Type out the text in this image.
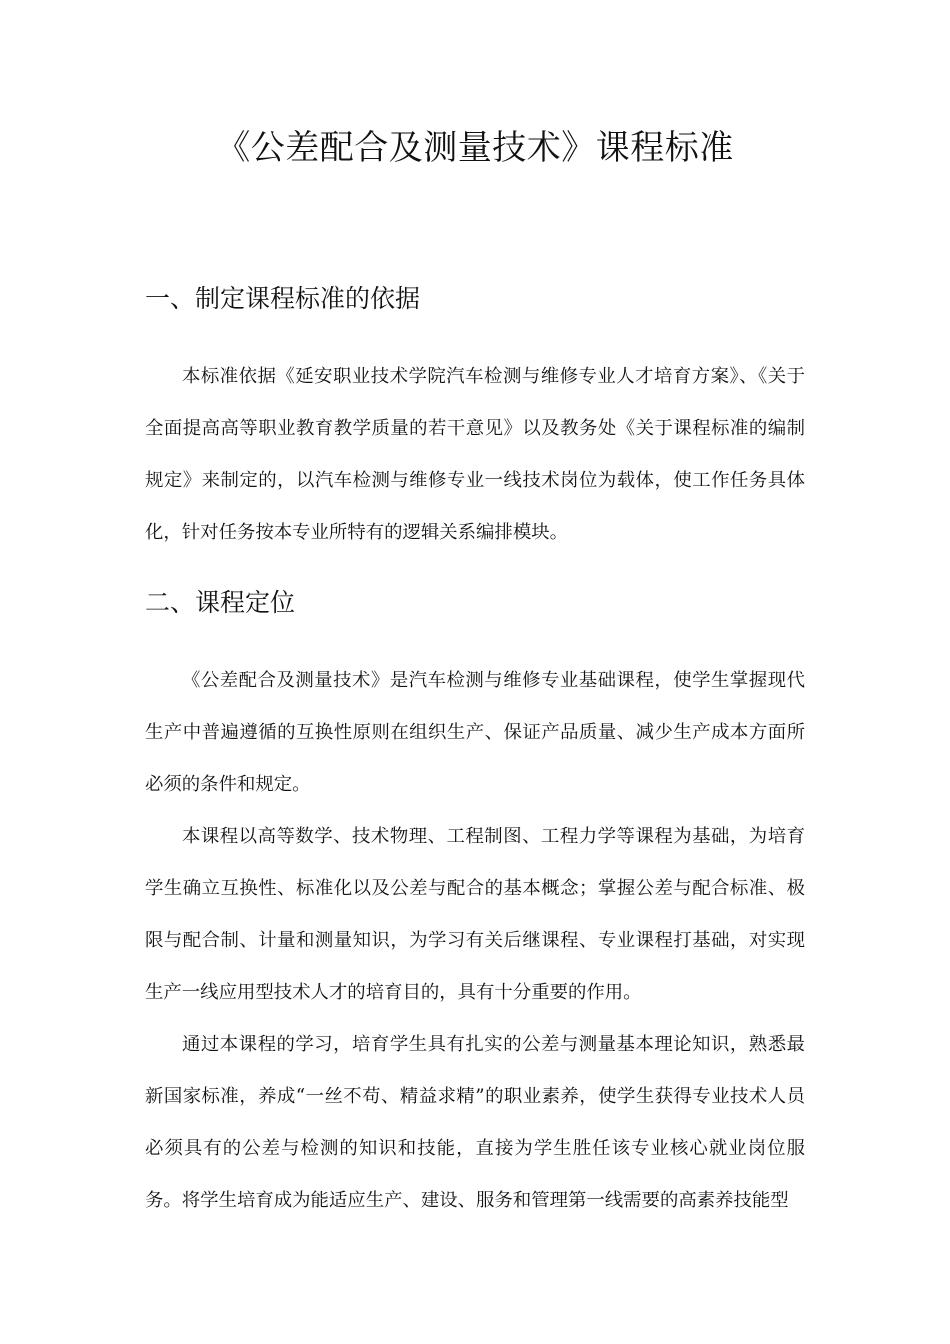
《公差配合及测量技术》课程标准
一、制定课程标准的依据

本标准依据《延安职业技术学院汽车检测与维修专业人才培育方案》、《关于全面提高高等职业教育教学质量的若干意见》以及教务处《关于课程标准的编制规定》来制定的，以汽车检测与维修专业一线技术岗位为载体，使工作任务具体化，针对任务按本专业所特有的逻辑关系编排模块。

二、课程定位

《公差配合及测量技术》是汽车检测与维修专业基础课程，使学生掌握现代生产中普遍遵循的互换性原则在组织生产、保证产品质量、减少生产成本方面所必须的条件和规定。

本课程以高等数学、技术物理、工程制图、工程力学等课程为基础，为培育学生确立互换性、标准化以及公差与配合的基本概念；掌握公差与配合标准、极限与配合制、计量和测量知识，为学习有关后继课程、专业课程打基础，对实现生产一线应用型技术人才的培育目的，具有十分重要的作用。

通过本课程的学习，培育学生具有扎实的公差与测量基本理论知识，熟悉最新国家标准，养成“一丝不苟、精益求精”的职业素养，使学生获得专业技术人员必须具有的公差与检测的知识和技能，直接为学生胜任该专业核心就业岗位服务。将学生培育成为能适应生产、建设、服务和管理第一线需要的高素养技能型
